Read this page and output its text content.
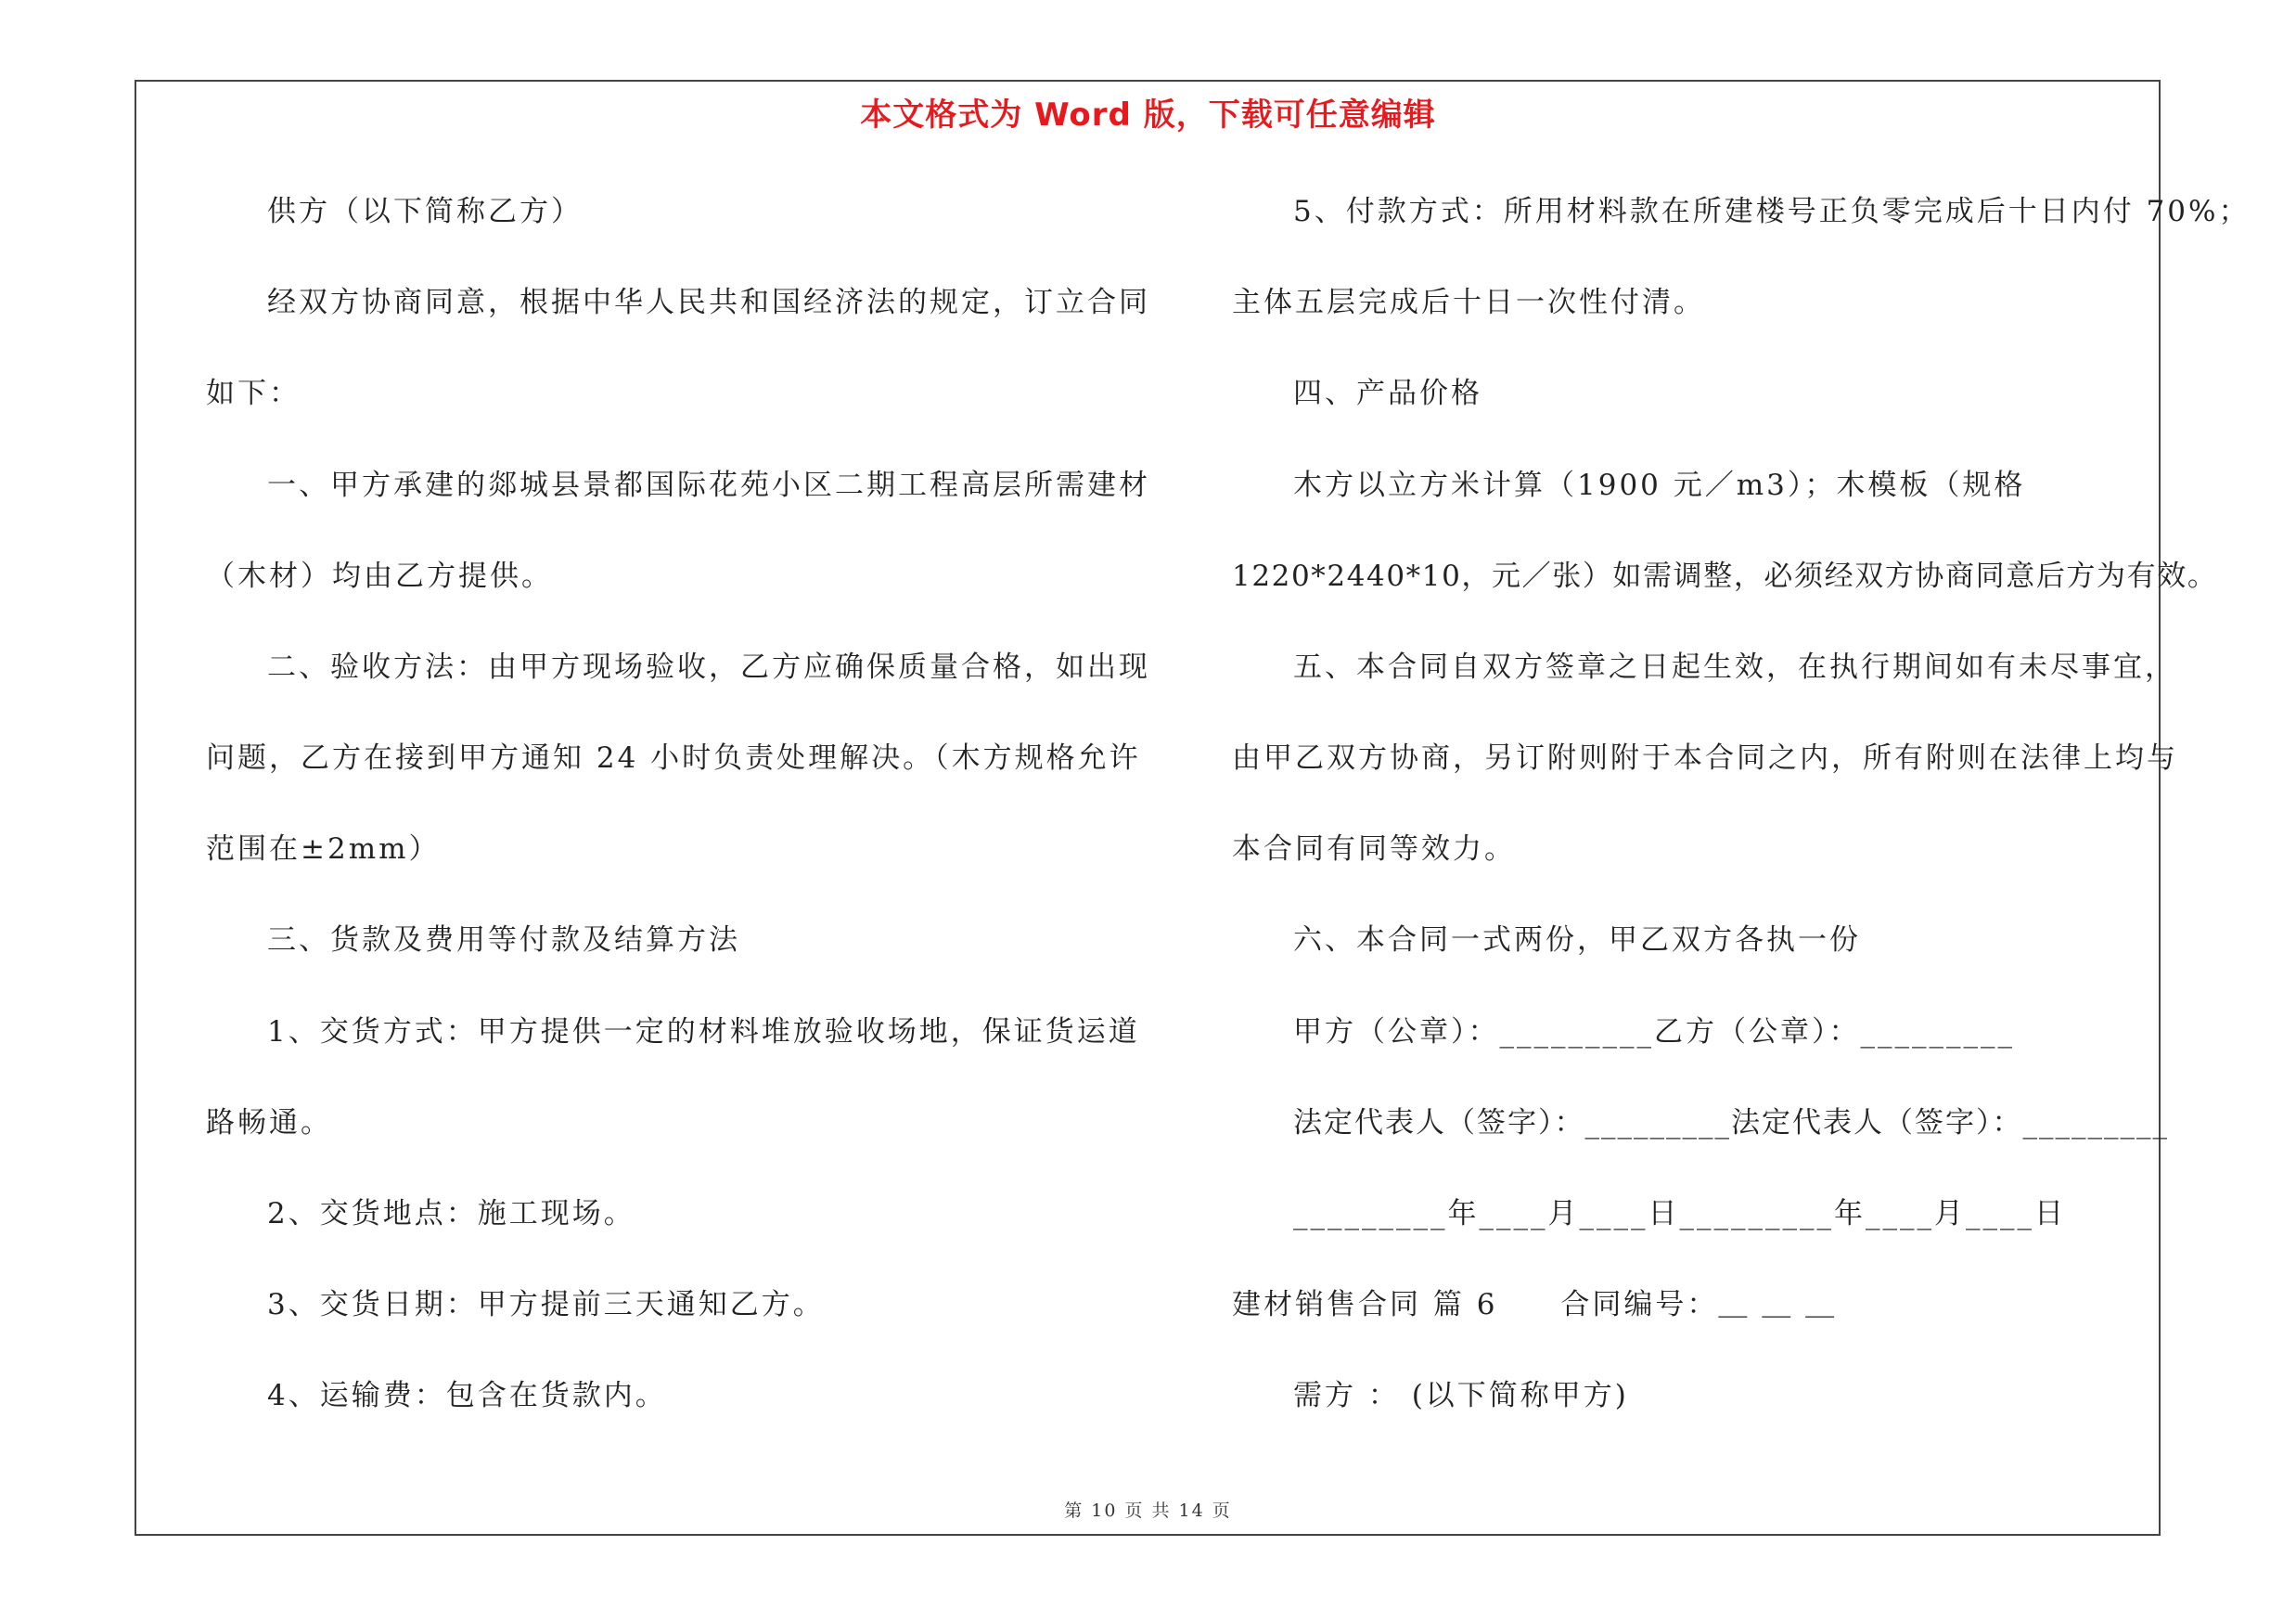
本文格式为 Word 版，下载可任意编辑
供方（以下简称乙方）
经双方协商同意，根据中华人民共和国经济法的规定，订立合同
如下：
一、甲方承建的郯城县景都国际花苑小区二期工程高层所需建材
（木材）均由乙方提供。
二、验收方法：由甲方现场验收，乙方应确保质量合格，如出现
问题，乙方在接到甲方通知 24 小时负责处理解决。（木方规格允许
范围在±2mm）
三、货款及费用等付款及结算方法
1、交货方式：甲方提供一定的材料堆放验收场地，保证货运道
路畅通。
2、交货地点：施工现场。
3、交货日期：甲方提前三天通知乙方。
4、运输费：包含在货款内。
5、付款方式：所用材料款在所建楼号正负零完成后十日内付 70%；
主体五层完成后十日一次性付清。
四、产品价格
木方以立方米计算（1900 元／m3）；木模板（规格
1220*2440*10，元／张）如需调整，必须经双方协商同意后方为有效。
五、本合同自双方签章之日起生效，在执行期间如有未尽事宜，
由甲乙双方协商，另订附则附于本合同之内，所有附则在法律上均与
本合同有同等效力。
六、本合同一式两份，甲乙双方各执一份
甲方（公章）：_________乙方（公章）：_________
法定代表人（签字）：_________法定代表人（签字）：_________
_________年____月____日_________年____月____日
建材销售合同 篇 6　　合同编号：＿ ＿ ＿
需方 ： (以下简称甲方)
第 10 页 共 14 页
